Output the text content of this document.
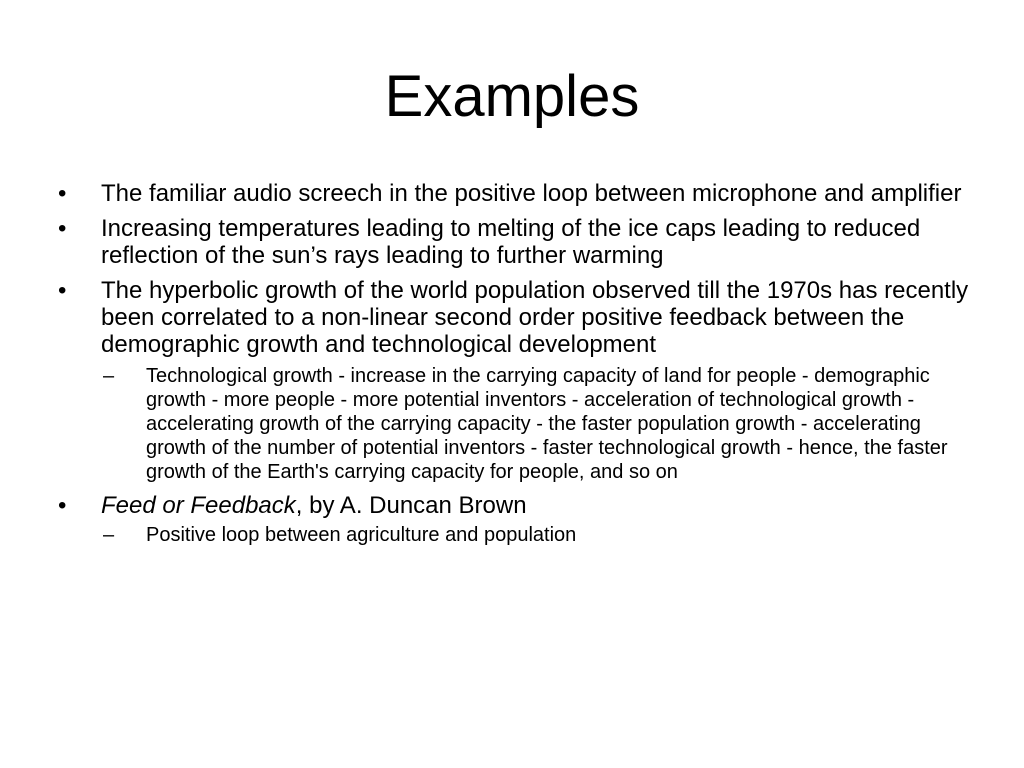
Examples
• The familiar audio screech in the positive loop between microphone and amplifier
• Increasing temperatures leading to melting of the ice caps leading to reduced reflection of the sun’s rays leading to further warming
• The hyperbolic growth of the world population observed till the 1970s has recently been correlated to a non-linear second order positive feedback between the demographic growth and technological development
– Technological growth - increase in the carrying capacity of land for people - demographic growth - more people - more potential inventors - acceleration of technological growth - accelerating growth of the carrying capacity - the faster population growth - accelerating growth of the number of potential inventors - faster technological growth - hence, the faster growth of the Earth's carrying capacity for people, and so on
• Feed or Feedback, by A. Duncan Brown
– Positive loop between agriculture and population
